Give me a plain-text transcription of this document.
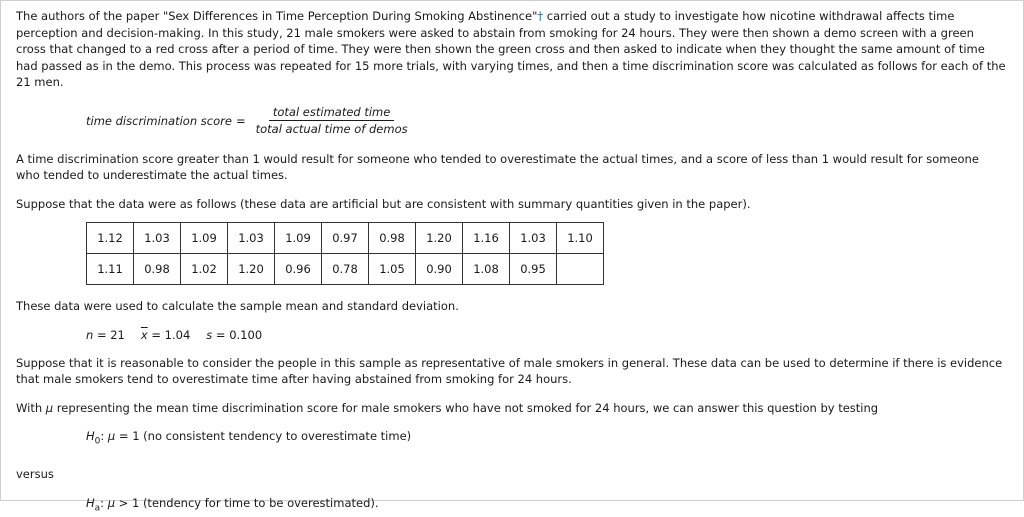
The authors of the paper "Sex Differences in Time Perception During Smoking Abstinence"† carried out a study to investigate how nicotine withdrawal affects time perception and decision-making. In this study, 21 male smokers were asked to abstain from smoking for 24 hours. They were then shown a demo screen with a green cross that changed to a red cross after a period of time. They were then shown the green cross and then asked to indicate when they thought the same amount of time had passed as in the demo. This process was repeated for 15 more trials, with varying times, and then a time discrimination score was calculated as follows for each of the 21 men.

time discrimination score = $\frac{\text{total estimated time}}{\text{total actual time of demos}}$

A time discrimination score greater than 1 would result for someone who tended to overestimate the actual times, and a score of less than 1 would result for someone who tended to underestimate the actual times.

Suppose that the data were as follows (these data are artificial but are consistent with summary quantities given in the paper).

1.12	1.03	1.09	1.03	1.09	0.97	0.98	1.20	1.16	1.03	1.10
1.11	0.98	1.02	1.20	0.96	0.78	1.05	0.90	1.08	0.95	

These data were used to calculate the sample mean and standard deviation.

n = 21 $\overline{x} = 1.04$ s = 0.100

Suppose that it is reasonable to consider the people in this sample as representative of male smokers in general. These data can be used to determine if there is evidence that male smokers tend to overestimate time after having abstained from smoking for 24 hours.

With μ representing the mean time discrimination score for male smokers who have not smoked for 24 hours, we can answer this question by testing

$H_0$: μ = 1 (no consistent tendency to overestimate time)

versus

$H_a$: μ > 1 (tendency for time to be overestimated).
